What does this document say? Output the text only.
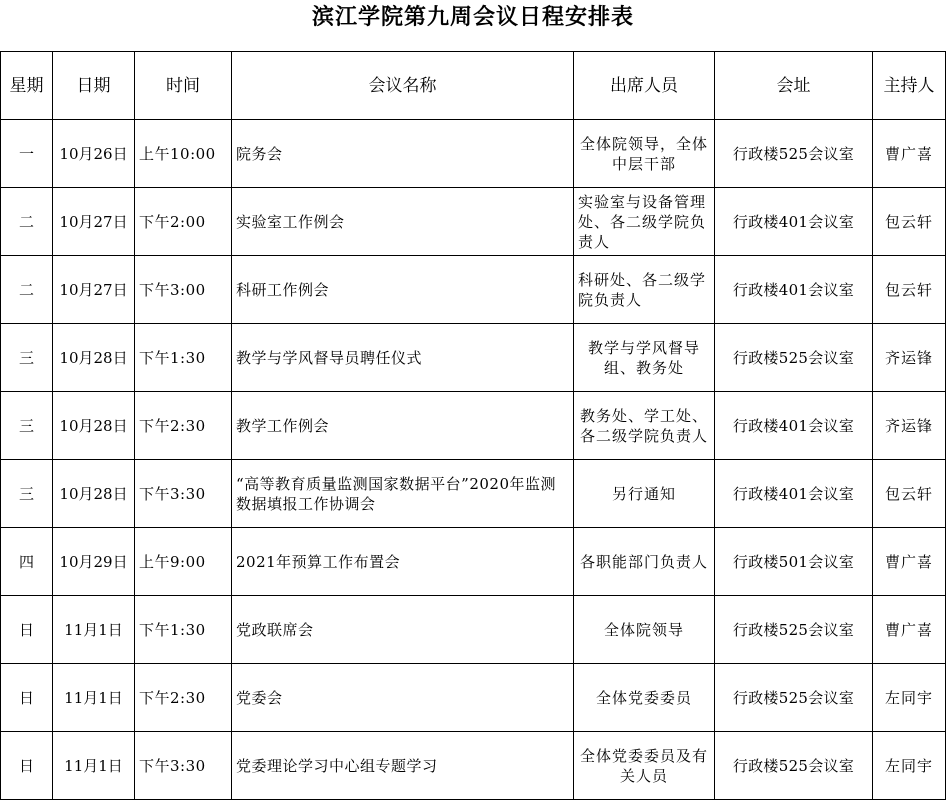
滨江学院第九周会议日程安排表
星期	日期	时间	会议名称	出席人员	会址	主持人
一	10月26日	上午10:00	院务会	全体院领导，全体中层干部	行政楼525会议室	曹广喜
二	10月27日	下午2:00	实验室工作例会	实验室与设备管理处、各二级学院负责人	行政楼401会议室	包云轩
二	10月27日	下午3:00	科研工作例会	科研处、各二级学院负责人	行政楼401会议室	包云轩
三	10月28日	下午1:30	教学与学风督导员聘任仪式	教学与学风督导组、教务处	行政楼525会议室	齐运锋
三	10月28日	下午2:30	教学工作例会	教务处、学工处、各二级学院负责人	行政楼401会议室	齐运锋
三	10月28日	下午3:30	“高等教育质量监测国家数据平台”2020年监测数据填报工作协调会	另行通知	行政楼401会议室	包云轩
四	10月29日	上午9:00	2021年预算工作布置会	各职能部门负责人	行政楼501会议室	曹广喜
日	11月1日	下午1:30	党政联席会	全体院领导	行政楼525会议室	曹广喜
日	11月1日	下午2:30	党委会	全体党委委员	行政楼525会议室	左同宇
日	11月1日	下午3:30	党委理论学习中心组专题学习	全体党委委员及有关人员	行政楼525会议室	左同宇
